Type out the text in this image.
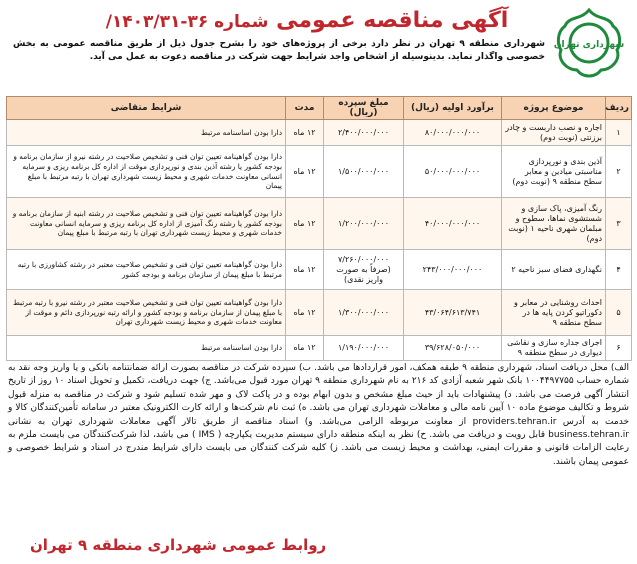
شهرداری تهران
آگهی مناقصه عمومی شماره ۳۶-۱۴۰۳/۳۱/
شهرداری منطقه ۹ تهران در نظر دارد برخی از پروژه‌های خود را بشرح جدول ذیل از طریق مناقصه عمومی به بخش خصوصی واگذار نماید. بدینوسیله از اشخاص واجد شرایط جهت شرکت در مناقصه دعوت به عمل می آید.
ردیف	موضوع پروژه	برآورد اولیه (ریال)	مبلغ سپرده (ریال)	مدت	شرایط متقاضی
۱	اجاره و نصب داربست و چادر برزنتی (نوبت دوم)	۸۰/۰۰۰/۰۰۰/۰۰۰	۲/۴۰۰/۰۰۰/۰۰۰	۱۲ ماه	دارا بودن اساسنامه مرتبط
۲	آذین بندی و نورپردازی مناسبتی میادین و معابر سطح منطقه ۹ (نوبت دوم)	۵۰/۰۰۰/۰۰۰/۰۰۰	۱/۵۰۰/۰۰۰/۰۰۰	۱۲ ماه	دارا بودن گواهینامه تعیین توان فنی و تشخیص صلاحیت در رشته نیرو از سازمان برنامه و بودجه کشور یا رشته آذین بندی و نورپردازی موقت از اداره کل برنامه ریزی و سرمایه انسانی معاونت خدمات شهری و محیط زیست شهرداری تهران با رتبه مرتبط با مبلغ پیمان
۳	رنگ آمیزی، پاک سازی و شستشوی نماها، سطوح و مبلمان شهری ناحیه ۱ (نوبت دوم)	۴۰/۰۰۰/۰۰۰/۰۰۰	۱/۲۰۰/۰۰۰/۰۰۰	۱۲ ماه	دارا بودن گواهینامه تعیین توان فنی و تشخیص صلاحیت در رشته ابنیه از سازمان برنامه و بودجه کشور یا رشته رنگ آمیزی از اداره کل برنامه ریزی و سرمایه انسانی معاونت خدمات شهری و محیط زیست شهرداری تهران با رتبه مرتبط با مبلغ پیمان
۴	نگهداری فضای سبز ناحیه ۲	۲۴۳/۰۰۰/۰۰۰/۰۰۰	۷/۲۶۰/۰۰۰/۰۰۰ (صرفاً به صورت واریز نقدی)	۱۲ ماه	دارا بودن گواهینامه تعیین توان فنی و تشخیص صلاحیت معتبر در رشته کشاورزی با رتبه مرتبط با مبلغ پیمان از سازمان برنامه و بودجه کشور
۵	احداث روشنایی در معابر و دکوراتیو کردن پایه ها در سطح منطقه ۹	۴۳/۰۶۴/۶۱۳/۷۴۱	۱/۳۰۰/۰۰۰/۰۰۰	۱۲ ماه	دارا بودن گواهینامه تعیین توان فنی و تشخیص صلاحیت معتبر در رشته نیرو با رتبه مرتبط با مبلغ پیمان از سازمان برنامه و بودجه کشور و ارائه رتبه نورپردازی دائم و موقت از معاونت خدمات شهری و محیط زیست شهرداری تهران
۶	اجرای جداره سازی و نقاشی دیواری در سطح منطقه ۹	۳۹/۶۲۸/۰۵۰/۰۰۰	۱/۱۹۰/۰۰۰/۰۰۰	۱۲ ماه	دارا بودن اساسنامه مرتبط
الف) محل دریافت اسناد، شهرداری منطقه ۹ طبقه همکف، امور قراردادها می باشد. ب) سپرده شرکت در مناقصه بصورت ارائه ضمانتنامه بانکی و یا واریز وجه نقد به شماره حساب ۱۰۰۴۴۹۷۷۵۵ بانک شهر شعبه آزادی کد ۲۱۶ به نام شهرداری منطقه ۹ تهران مورد قبول می‌باشد. ج) جهت دریافت، تکمیل و تحویل اسناد ۱۰ روز از تاریخ انتشار آگهی فرصت می باشد. د) پیشنهادات باید از حیث مبلغ مشخص و بدون ابهام بوده و در پاکت لاک و مهر شده تسلیم شود و شرکت در مناقصه به منزله قبول شروط و تکالیف موضوع ماده ۱۰ آیین نامه مالی و معاملات شهرداری تهران می باشد. ه) ثبت نام شرکت‌ها و ارائه کارت الکترونیک معتبر در سامانه تأمین‌کنندگان کالا و خدمت به آدرس providers.tehran.ir از معاونت مربوطه الزامی می‌باشد. و) اسناد مناقصه از طریق تالار آگهی معاملات شهرداری تهران به نشانی business.tehran.ir قابل رویت و دریافت می باشد. ح) نظر به اینکه منطقه دارای سیستم مدیریت یکپارچه ( IMS ) می باشد، لذا شرکت‌کنندگان می بایست ملزم به رعایت الزامات قانونی و مقررات ایمنی، بهداشت و محیط زیست می باشد. ز) کلیه شرکت کنندگان می بایست دارای شرایط مندرج در اسناد و شرایط خصوصی و عمومی پیمان باشند.
روابط عمومی شهرداری منطقه ۹ تهران
